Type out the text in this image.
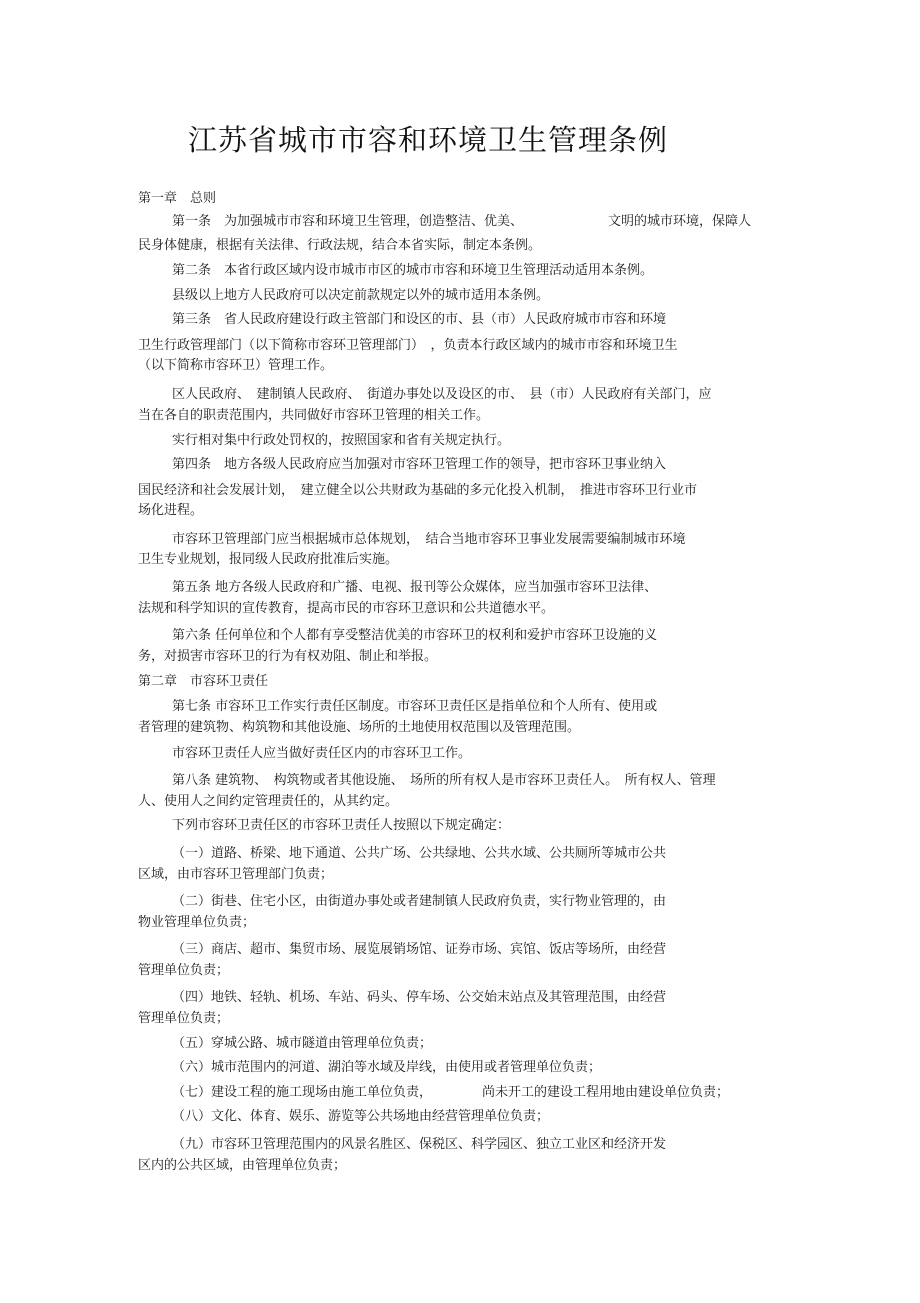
江苏省城市市容和环境卫生管理条例
第一章　总则
第一条　为加强城市市容和环境卫生管理，创造整洁、优美、	文明的城市环境，保障人
民身体健康，根据有关法律、行政法规，结合本省实际，制定本条例。
第二条　本省行政区域内设市城市市区的城市市容和环境卫生管理活动适用本条例。
县级以上地方人民政府可以决定前款规定以外的城市适用本条例。
第三条　省人民政府建设行政主管部门和设区的市、县（市）人民政府城市市容和环境
卫生行政管理部门（以下简称市容环卫管理部门）　，负责本行政区域内的城市市容和环境卫生
（以下简称市容环卫）管理工作。
区人民政府、　建制镇人民政府、　街道办事处以及设区的市、　县（市）人民政府有关部门，应
当在各自的职责范围内，共同做好市容环卫管理的相关工作。
实行相对集中行政处罚权的，按照国家和省有关规定执行。
第四条　地方各级人民政府应当加强对市容环卫管理工作的领导，把市容环卫事业纳入
国民经济和社会发展计划，　建立健全以公共财政为基础的多元化投入机制，　推进市容环卫行业市
场化进程。
市容环卫管理部门应当根据城市总体规划，　结合当地市容环卫事业发展需要编制城市环境
卫生专业规划，报同级人民政府批准后实施。
第五条 地方各级人民政府和广播、电视、报刊等公众媒体，应当加强市容环卫法律、
法规和科学知识的宣传教育，提高市民的市容环卫意识和公共道德水平。
第六条 任何单位和个人都有享受整洁优美的市容环卫的权利和爱护市容环卫设施的义
务，对损害市容环卫的行为有权劝阻、制止和举报。
第二章　市容环卫责任
第七条 市容环卫工作实行责任区制度。市容环卫责任区是指单位和个人所有、使用或
者管理的建筑物、构筑物和其他设施、场所的土地使用权范围以及管理范围。
市容环卫责任人应当做好责任区内的市容环卫工作。
第八条 建筑物、　构筑物或者其他设施、　场所的所有权人是市容环卫责任人。　所有权人、管理
人、使用人之间约定管理责任的，从其约定。
下列市容环卫责任区的市容环卫责任人按照以下规定确定：
（一）道路、桥梁、地下通道、公共广场、公共绿地、公共水域、公共厕所等城市公共
区域，由市容环卫管理部门负责；
（二）街巷、住宅小区，由街道办事处或者建制镇人民政府负责，实行物业管理的，由
物业管理单位负责；
（三）商店、超市、集贸市场、展览展销场馆、证券市场、宾馆、饭店等场所，由经营
管理单位负责；
（四）地铁、轻轨、机场、车站、码头、停车场、公交始末站点及其管理范围，由经营
管理单位负责；
（五）穿城公路、城市隧道由管理单位负责；
（六）城市范围内的河道、湖泊等水域及岸线，由使用或者管理单位负责；
（七）建设工程的施工现场由施工单位负责，	尚未开工的建设工程用地由建设单位负责；
（八）文化、体育、娱乐、游览等公共场地由经营管理单位负责；
（九）市容环卫管理范围内的风景名胜区、保税区、科学园区、独立工业区和经济开发
区内的公共区域，由管理单位负责；
